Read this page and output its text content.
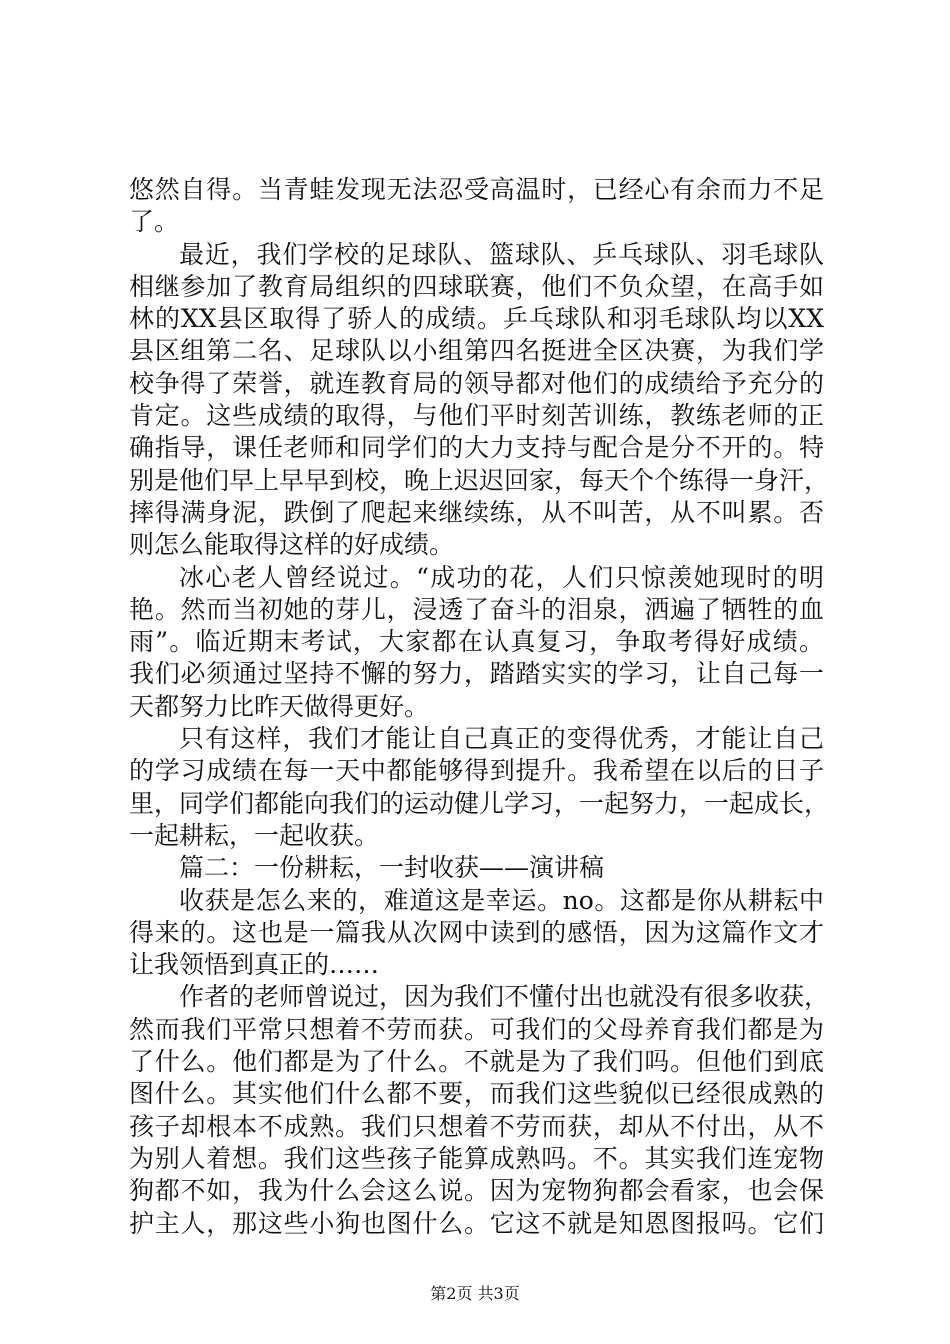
悠然自得。当青蛙发现无法忍受高温时，已经心有余而力不足
了。
最近，我们学校的足球队、篮球队、乒乓球队、羽毛球队
相继参加了教育局组织的四球联赛，他们不负众望，在高手如
林的XX县区取得了骄人的成绩。乒乓球队和羽毛球队均以XX
县区组第二名、足球队以小组第四名挺进全区决赛，为我们学
校争得了荣誉，就连教育局的领导都对他们的成绩给予充分的
肯定。这些成绩的取得，与他们平时刻苦训练，教练老师的正
确指导，课任老师和同学们的大力支持与配合是分不开的。特
别是他们早上早早到校，晚上迟迟回家，每天个个练得一身汗，
摔得满身泥，跌倒了爬起来继续练，从不叫苦，从不叫累。否
则怎么能取得这样的好成绩。
冰心老人曾经说过。“成功的花，人们只惊羡她现时的明
艳。然而当初她的芽儿，浸透了奋斗的泪泉，洒遍了牺牲的血
雨”。临近期末考试，大家都在认真复习，争取考得好成绩。
我们必须通过坚持不懈的努力，踏踏实实的学习，让自己每一
天都努力比昨天做得更好。
只有这样，我们才能让自己真正的变得优秀，才能让自己
的学习成绩在每一天中都能够得到提升。我希望在以后的日子
里，同学们都能向我们的运动健儿学习，一起努力，一起成长，
一起耕耘，一起收获。
篇二：一份耕耘，一封收获——演讲稿
收获是怎么来的，难道这是幸运。no。这都是你从耕耘中
得来的。这也是一篇我从次网中读到的感悟，因为这篇作文才
让我领悟到真正的……
作者的老师曾说过，因为我们不懂付出也就没有很多收获，
然而我们平常只想着不劳而获。可我们的父母养育我们都是为
了什么。他们都是为了什么。不就是为了我们吗。但他们到底
图什么。其实他们什么都不要，而我们这些貌似已经很成熟的
孩子却根本不成熟。我们只想着不劳而获，却从不付出，从不
为别人着想。我们这些孩子能算成熟吗。不。其实我们连宠物
狗都不如，我为什么会这么说。因为宠物狗都会看家，也会保
护主人，那这些小狗也图什么。它这不就是知恩图报吗。它们
第2页 共3页
